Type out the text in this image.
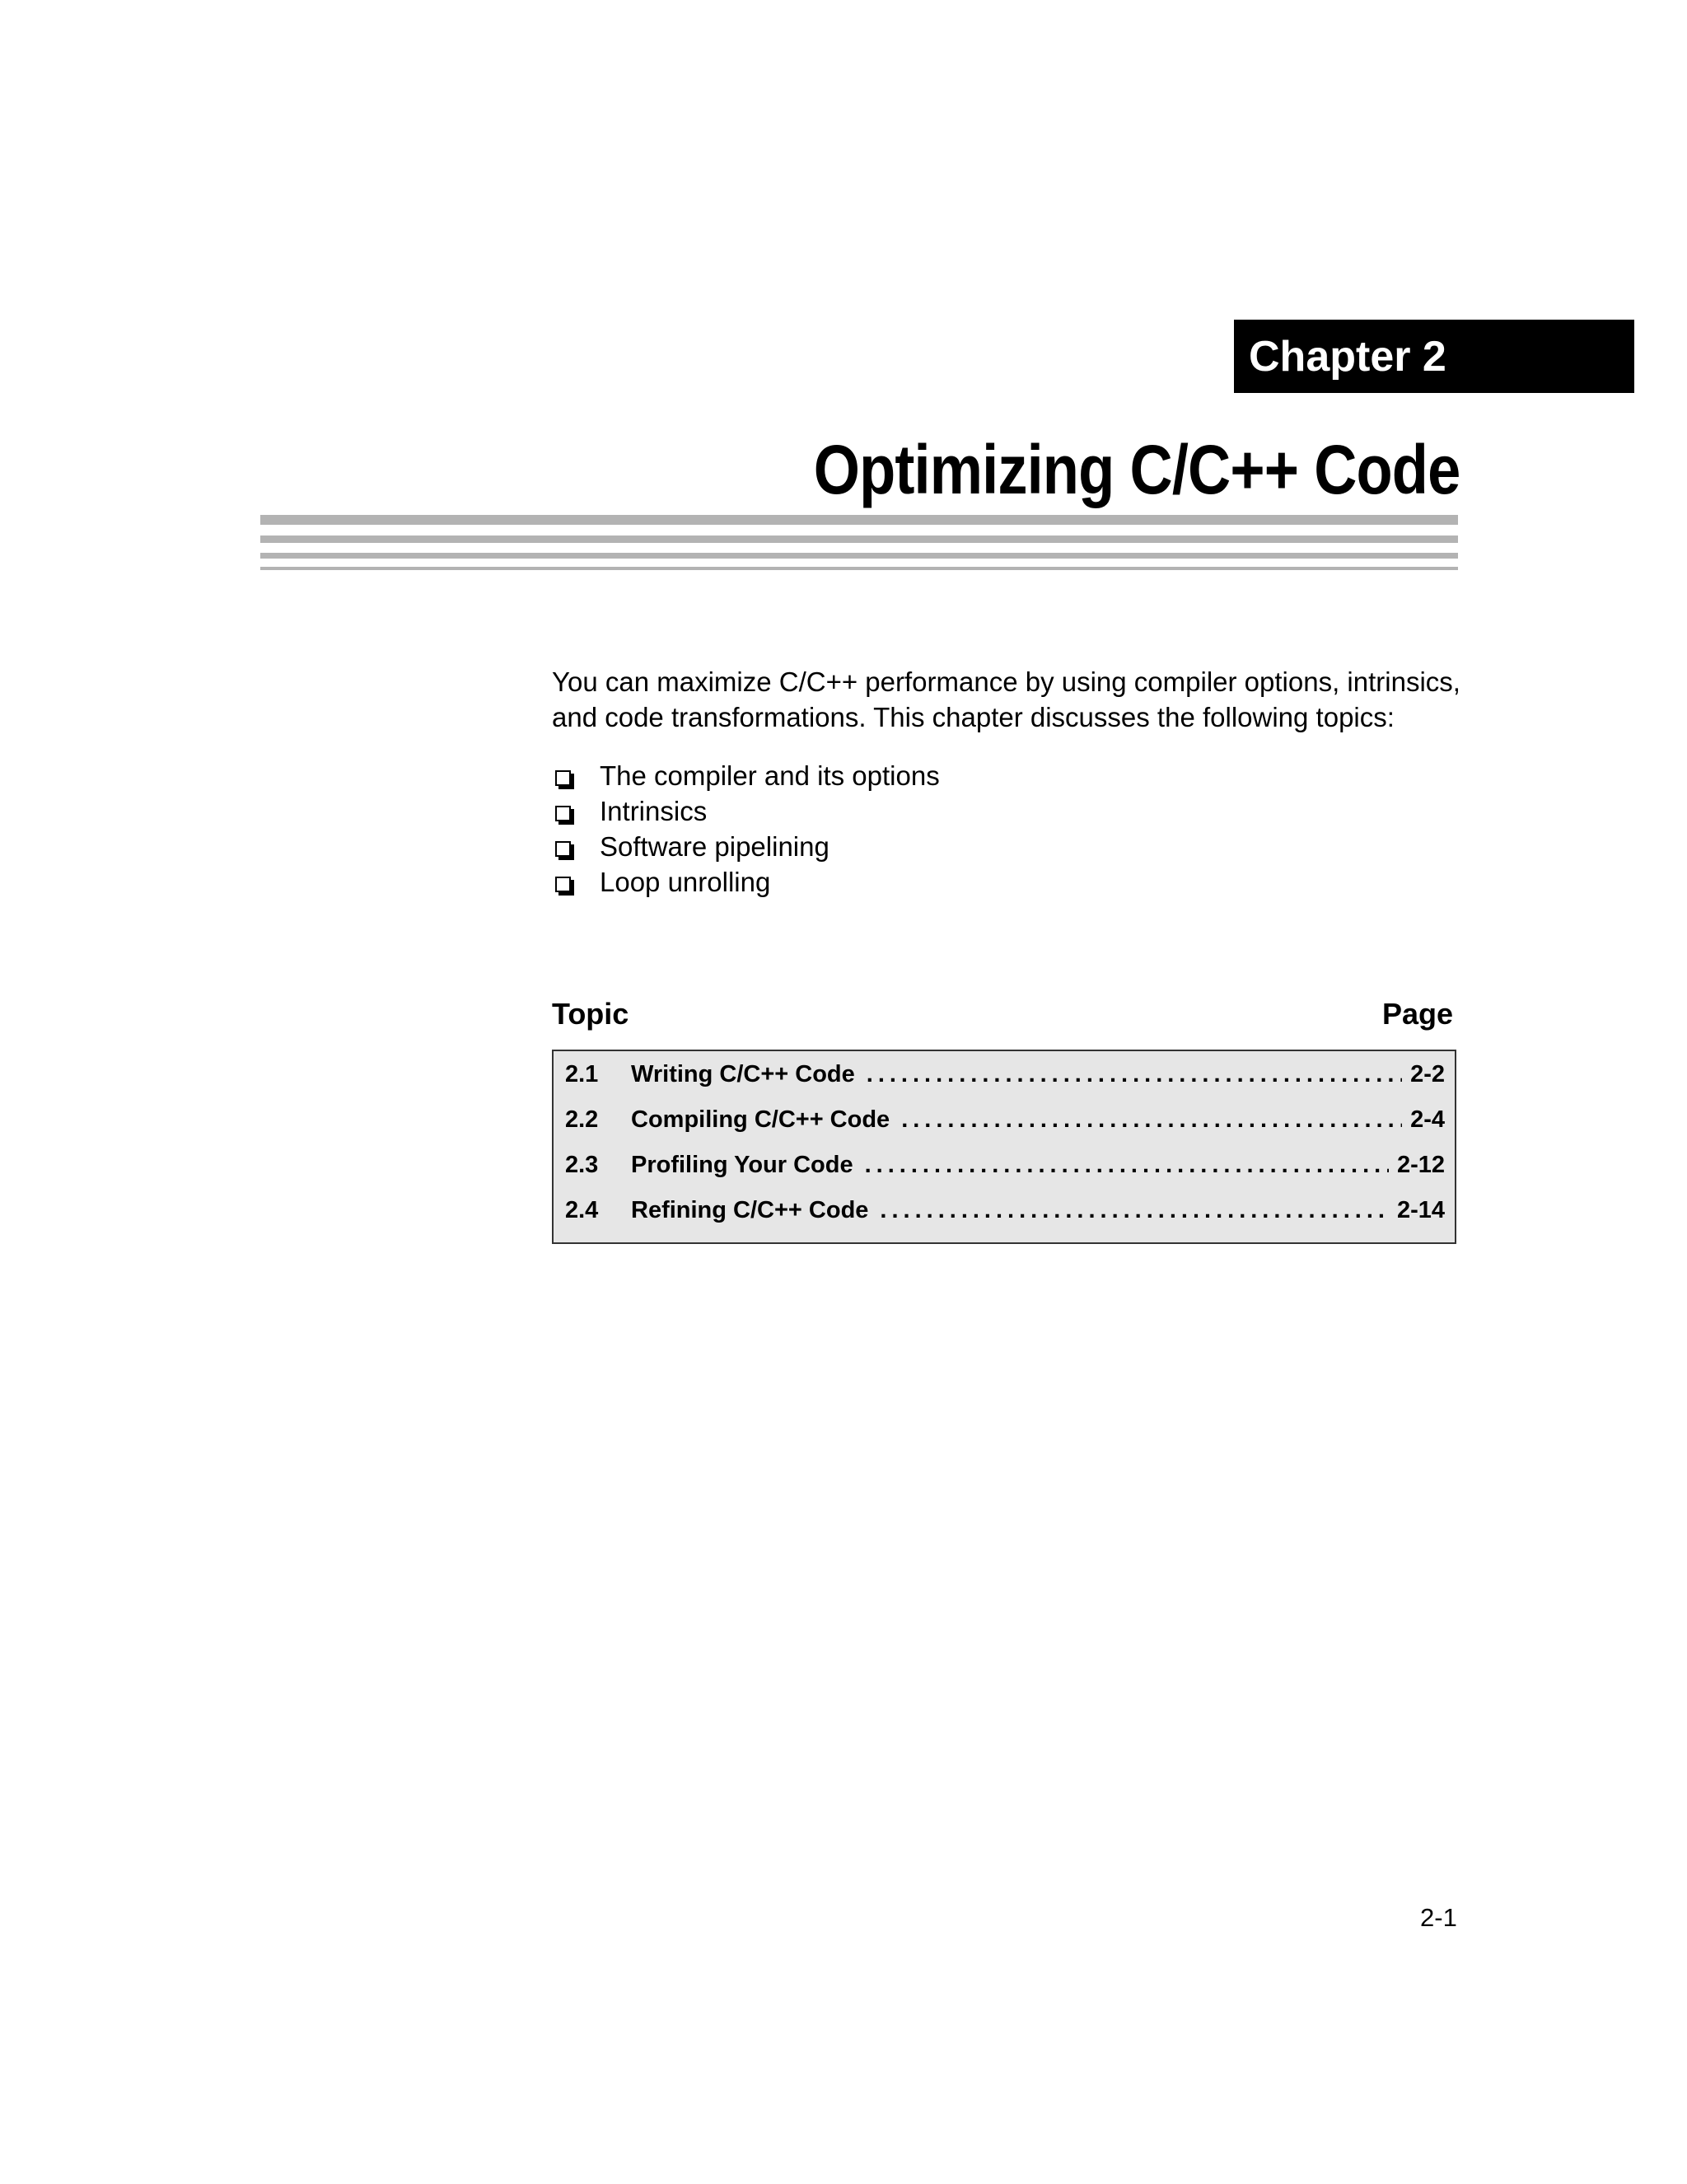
Chapter 2
Optimizing C/C++ Code

You can maximize C/C++ performance by using compiler options, intrinsics, and code transformations. This chapter discusses the following topics:

The compiler and its options
Intrinsics
Software pipelining
Loop unrolling
Topic	Page
2.1	Writing C/C++ Code .....	2-2
2.2	Compiling C/C++ Code .....	2-4
2.3	Profiling Your Code .....	2-12
2.4	Refining C/C++ Code .....	2-14
2-1
